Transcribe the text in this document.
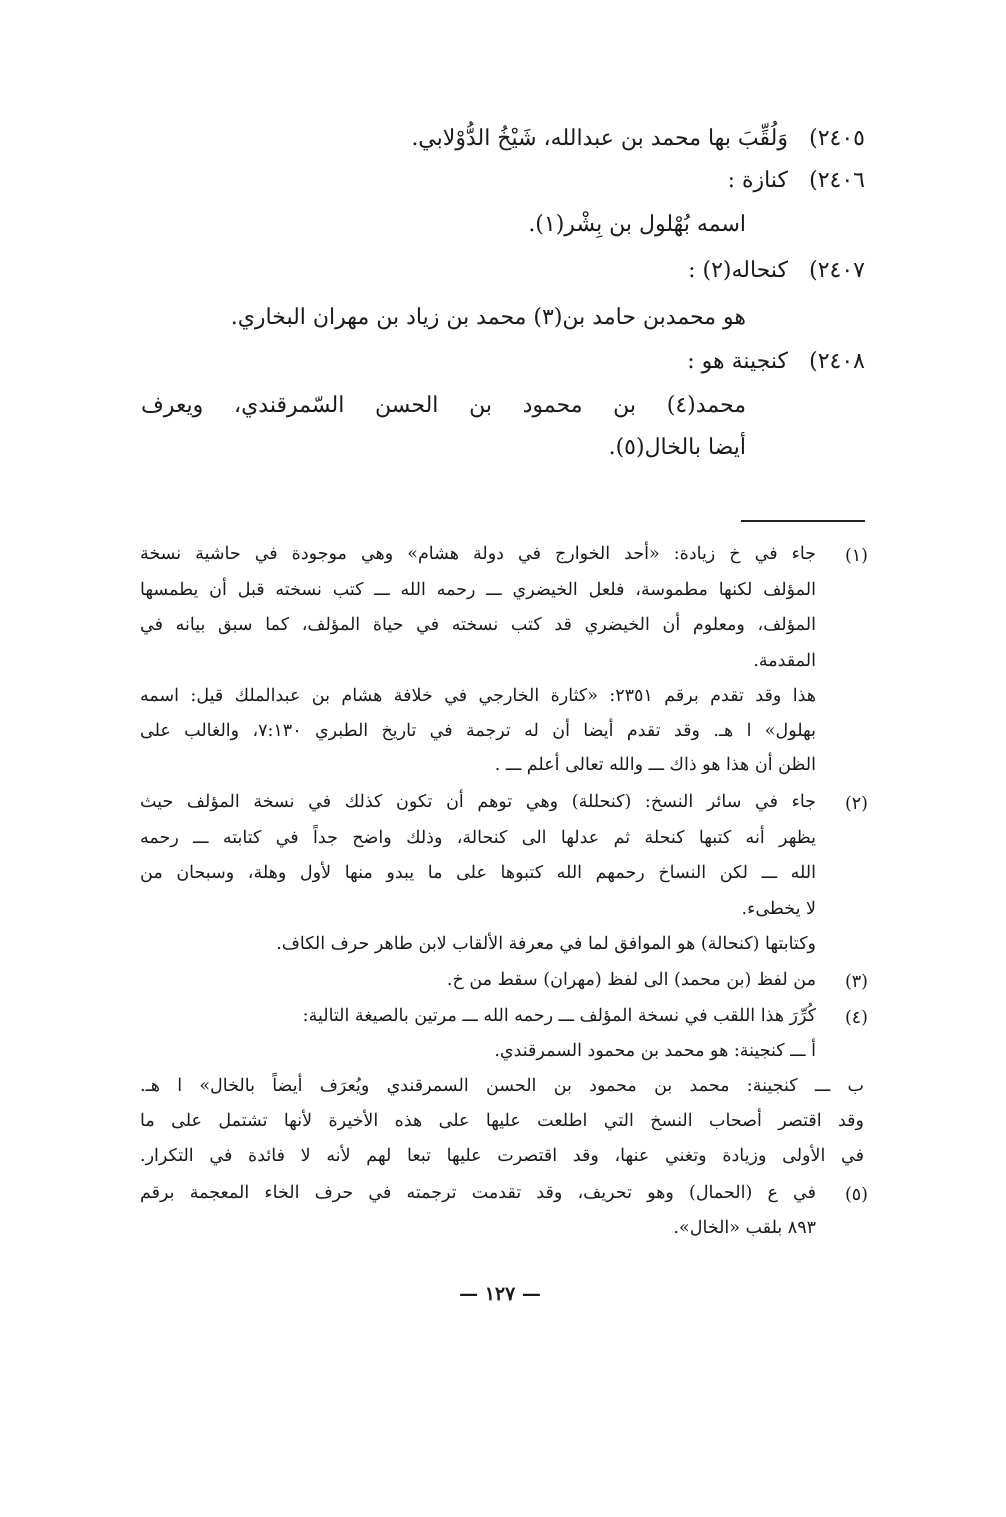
٢٤٠٥)
وَلُقِّبَ بها محمد بن عبدالله، شَيْخُ الدُّوْلابي.
٢٤٠٦)
كنازة :
اسمه بُهْلول بن بِشْر(١).
٢٤٠٧)
كنحاله(٢) :
هو محمدبن حامد بن(٣) محمد بن زياد بن مهران البخاري.
٢٤٠٨)
كنجينة هو :
محمد(٤) بن محمود بن الحسن السّمرقندي، ويعرف
أيضا بالخال(٥).
(١)
جاء في خ زيادة: «أحد الخوارج في دولة هشام» وهي موجودة في حاشية نسخة
المؤلف لكنها مطموسة، فلعل الخيضري ـــ رحمه الله ـــ كتب نسخته قبل أن يطمسها
المؤلف، ومعلوم أن الخيضري قد كتب نسخته في حياة المؤلف، كما سبق بيانه في
المقدمة.
هذا وقد تقدم برقم ٢٣٥١: «كثارة الخارجي في خلافة هشام بن عبدالملك قيل: اسمه
بهلول» ا هـ. وقد تقدم أيضا أن له ترجمة في تاريخ الطبري ٧:١٣٠، والغالب على
الظن أن هذا هو ذاك ـــ والله تعالى أعلم ـــ .
(٢)
جاء في سائر النسخ: (كنحللة) وهي توهم أن تكون كذلك في نسخة المؤلف حيث
يظهر أنه كتبها كنحلة ثم عدلها الى كنحالة، وذلك واضح جداً في كتابته ـــ رحمه
الله ـــ لكن النساخ رحمهم الله كتبوها على ما يبدو منها لأول وهلة، وسبحان من
لا يخطىء.
وكتابتها (كنحالة) هو الموافق لما في معرفة الألقاب لابن طاهر حرف الكاف.
(٣)
من لفظ (بن محمد) الى لفظ (مهران) سقط من خ.
(٤)
كُرِّرَ هذا اللقب في نسخة المؤلف ـــ رحمه الله ـــ مرتين بالصيغة التالية:
أ ـــ كنجينة: هو محمد بن محمود السمرقندي.
ب ـــ كنجينة: محمد بن محمود بن الحسن السمرقندي ويُعرَف أيضاً بالخال» ا هـ.
وقد اقتصر أصحاب النسخ التي اطلعت عليها على هذه الأخيرة لأنها تشتمل على ما
في الأولى وزيادة وتغني عنها، وقد اقتصرت عليها تبعا لهم لأنه لا فائدة في التكرار.
(٥)
في ع (الحمال) وهو تحريف، وقد تقدمت ترجمته في حرف الخاء المعجمة برقم
٨٩٣ بلقب «الخال».
— ١٢٧ —
